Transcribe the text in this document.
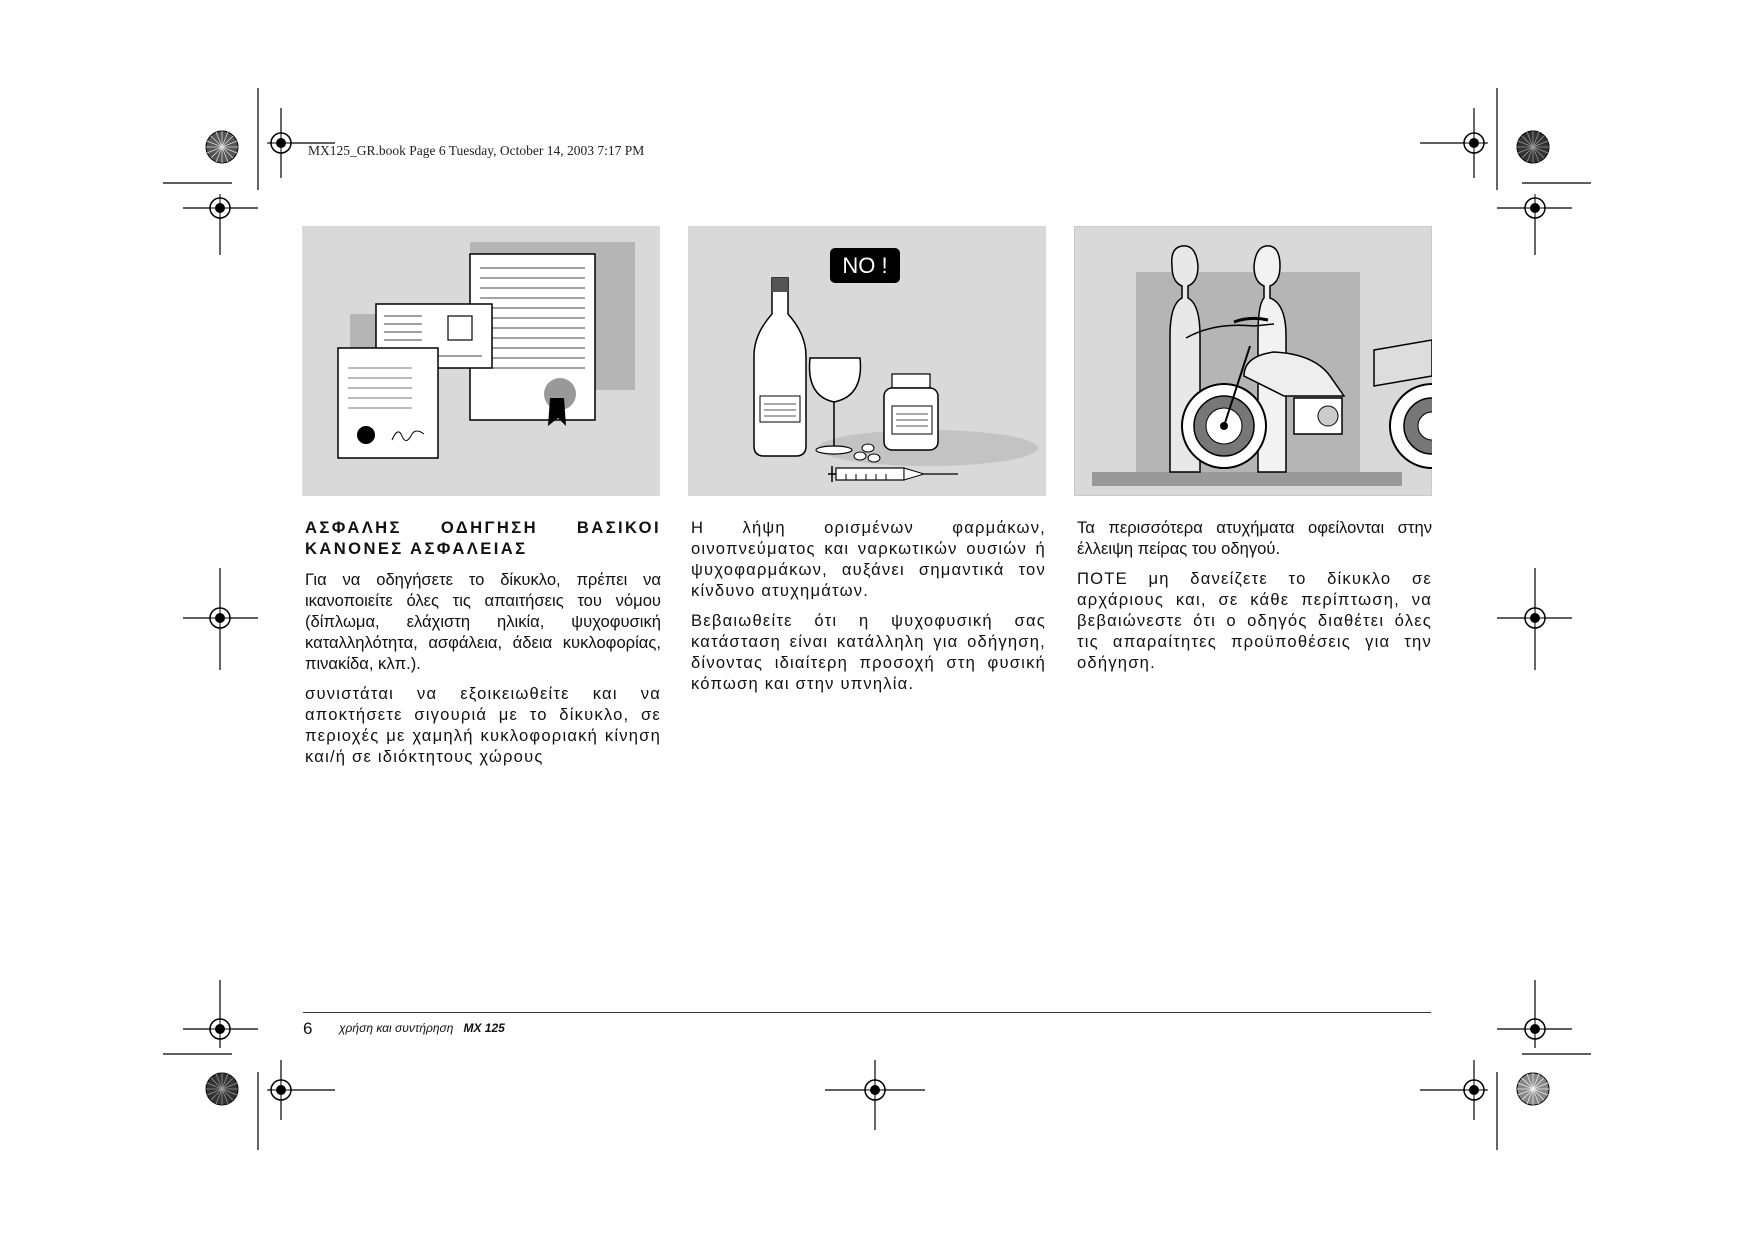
MX125_GR.book Page 6 Tuesday, October 14, 2003 7:17 PM
NO !
ΑΣΦΑΛΗΣ ΟΔΗΓΗΣΗ ΒΑΣΙΚΟΙ ΚΑΝΟΝΕΣ ΑΣΦΑΛΕΙΑΣ

Για να οδηγήσετε το δίκυκλο, πρέπει να ικανοποιείτε όλες τις απαιτήσεις του νόμου (δίπλωμα, ελάχιστη ηλικία, ψυχοφυσική καταλληλότητα, ασφάλεια, άδεια κυκλοφορίας, πινακίδα, κλπ.).

συνιστάται να εξοικειωθείτε και να αποκτήσετε σιγουριά με το δίκυκλο, σε περιοχές με χαμηλή κυκλοφοριακή κίνηση και/ή σε ιδιόκτητους χώρους

Η λήψη ορισμένων φαρμάκων, οινοπνεύματος και ναρκωτικών ουσιών ή ψυχοφαρμάκων, αυξάνει σημαντικά τον κίνδυνο ατυχημάτων.

Βεβαιωθείτε ότι η ψυχοφυσική σας κατάσταση είναι κατάλληλη για οδήγηση, δίνοντας ιδιαίτερη προσοχή στη φυσική κόπωση και στην υπνηλία.

Τα περισσότερα ατυχήματα οφείλονται στην έλλειψη πείρας του οδηγού.

ΠΟΤΕ μη δανείζετε το δίκυκλο σε αρχάριους και, σε κάθε περίπτωση, να βεβαιώνεστε ότι ο οδηγός διαθέτει όλες τις απαραίτητες προϋποθέσεις για την οδήγηση.

6 χρήση και συντήρηση MX 125
